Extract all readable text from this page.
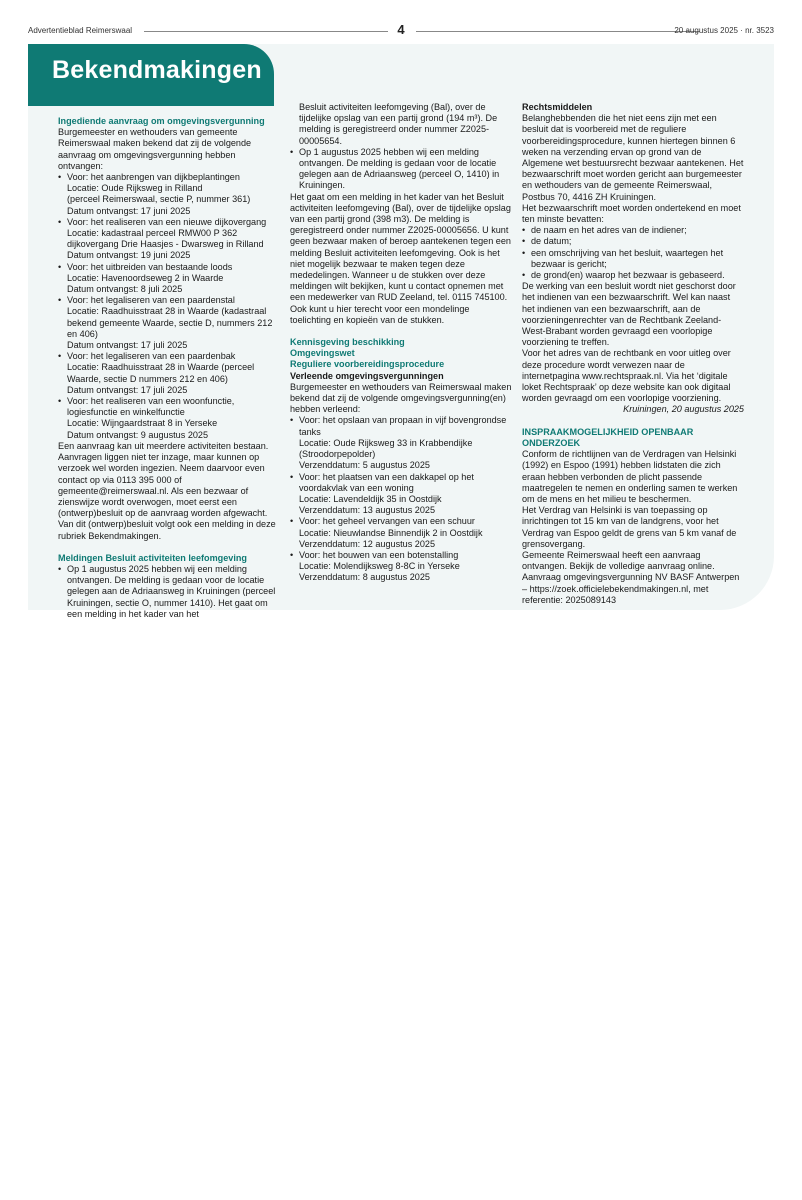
Advertentieblad Reimerswaal	4	20 augustus 2025 · nr. 3523
Bekendmakingen
Ingediende aanvraag om omgevingsvergunning
Burgemeester en wethouders van gemeente Reimerswaal maken bekend dat zij de volgende aanvraag om omgevingsvergunning hebben ontvangen:
• Voor: het aanbrengen van dijkbeplantingen
Locatie: Oude Rijksweg in Rilland
(perceel Reimerswaal, sectie P, nummer 361)
Datum ontvangst: 17 juni 2025
• Voor: het realiseren van een nieuwe dijkovergang
Locatie: kadastraal perceel RMW00 P 362 dijkovergang Drie Haasjes - Dwarsweg in Rilland
Datum ontvangst: 19 juni 2025
• Voor: het uitbreiden van bestaande loods
Locatie: Havenoordseweg 2 in Waarde
Datum ontvangst: 8 juli 2025
• Voor: het legaliseren van een paardenstal
Locatie: Raadhuisstraat 28 in Waarde (kadastraal bekend gemeente Waarde, sectie D, nummers 212 en 406)
Datum ontvangst: 17 juli 2025
• Voor: het legaliseren van een paardenbak
Locatie: Raadhuisstraat 28 in Waarde (perceel Waarde, sectie D nummers 212 en 406)
Datum ontvangst: 17 juli 2025
• Voor: het realiseren van een woonfunctie, logiesfunctie en winkelfunctie
Locatie: Wijngaardstraat 8 in Yerseke
Datum ontvangst: 9 augustus 2025
Een aanvraag kan uit meerdere activiteiten bestaan. Aanvragen liggen niet ter inzage, maar kunnen op verzoek wel worden ingezien. Neem daarvoor even contact op via 0113 395 000 of gemeente@reimerswaal.nl. Als een bezwaar of zienswijze wordt overwogen, moet eerst een (ontwerp)besluit op de aanvraag worden afgewacht. Van dit (ontwerp)besluit volgt ook een melding in deze rubriek Bekendmakingen.
Meldingen Besluit activiteiten leefomgeving
• Op 1 augustus 2025 hebben wij een melding ontvangen. De melding is gedaan voor de locatie gelegen aan de Adriaansweg in Kruiningen (perceel Kruiningen, sectie O, nummer 1410). Het gaat om een melding in het kader van het
Besluit activiteiten leefomgeving (Bal), over de tijdelijke opslag van een partij grond (194 m³). De melding is geregistreerd onder nummer Z2025-00005654.
• Op 1 augustus 2025 hebben wij een melding ontvangen. De melding is gedaan voor de locatie gelegen aan de Adriaansweg (perceel O, 1410) in Kruiningen.
Het gaat om een melding in het kader van het Besluit activiteiten leefomgeving (Bal), over de tijdelijke opslag van een partij grond (398 m3). De melding is geregistreerd onder nummer Z2025-00005656. U kunt geen bezwaar maken of beroep aantekenen tegen een melding Besluit activiteiten leefomgeving. Ook is het niet mogelijk bezwaar te maken tegen deze mededelingen. Wanneer u de stukken over deze meldingen wilt bekijken, kunt u contact opnemen met een medewerker van RUD Zeeland, tel. 0115 745100. Ook kunt u hier terecht voor een mondelinge toelichting en kopieën van de stukken.
Kennisgeving beschikking
Omgevingswet
Reguliere voorbereidingsprocedure
Verleende omgevingsvergunningen
Burgemeester en wethouders van Reimerswaal maken bekend dat zij de volgende omgevingsvergunning(en) hebben verleend:
• Voor: het opslaan van propaan in vijf bovengrondse tanks
Locatie: Oude Rijksweg 33 in Krabbendijke (Stroodorpepolder)
Verzenddatum: 5 augustus 2025
• Voor: het plaatsen van een dakkapel op het voordakvlak van een woning
Locatie: Lavendeldijk 35 in Oostdijk
Verzenddatum: 13 augustus 2025
• Voor: het geheel vervangen van een schuur
Locatie: Nieuwlandse Binnendijk 2 in Oostdijk
Verzenddatum: 12 augustus 2025
• Voor: het bouwen van een botenstalling
Locatie: Molendijksweg 8-8C in Yerseke
Verzenddatum: 8 augustus 2025
Rechtsmiddelen
Belanghebbenden die het niet eens zijn met een besluit dat is voorbereid met de reguliere voorbereidingsprocedure, kunnen hiertegen binnen 6 weken na verzending ervan op grond van de Algemene wet bestuursrecht bezwaar aantekenen. Het bezwaarschrift moet worden gericht aan burgemeester en wethouders van de gemeente Reimerswaal, Postbus 70, 4416 ZH Kruiningen.
Het bezwaarschrift moet worden ondertekend en moet ten minste bevatten:
• de naam en het adres van de indiener;
• de datum;
• een omschrijving van het besluit, waartegen het bezwaar is gericht;
• de grond(en) waarop het bezwaar is gebaseerd.
De werking van een besluit wordt niet geschorst door het indienen van een bezwaarschrift. Wel kan naast het indienen van een bezwaarschrift, aan de voorzieningenrechter van de Rechtbank Zeeland-West-Brabant worden gevraagd een voorlopige voorziening te treffen.
Voor het adres van de rechtbank en voor uitleg over deze procedure wordt verwezen naar de internetpagina www.rechtspraak.nl. Via het ‘digitale loket Rechtspraak’ op deze website kan ook digitaal worden gevraagd om een voorlopige voorziening.
Kruiningen, 20 augustus 2025
INSPRAAKMOGELIJKHEID OPENBAAR ONDERZOEK
Conform de richtlijnen van de Verdragen van Helsinki (1992) en Espoo (1991) hebben lidstaten die zich eraan hebben verbonden de plicht passende maatregelen te nemen en onderling samen te werken om de mens en het milieu te beschermen.
Het Verdrag van Helsinki is van toepassing op inrichtingen tot 15 km van de landgrens, voor het Verdrag van Espoo geldt de grens van 5 km vanaf de grensovergang.
Gemeente Reimerswaal heeft een aanvraag ontvangen. Bekijk de volledige aanvraag online.
Aanvraag omgevingsvergunning NV BASF Antwerpen – https://zoek.officielebekendmakingen.nl, met referentie: 2025089143
